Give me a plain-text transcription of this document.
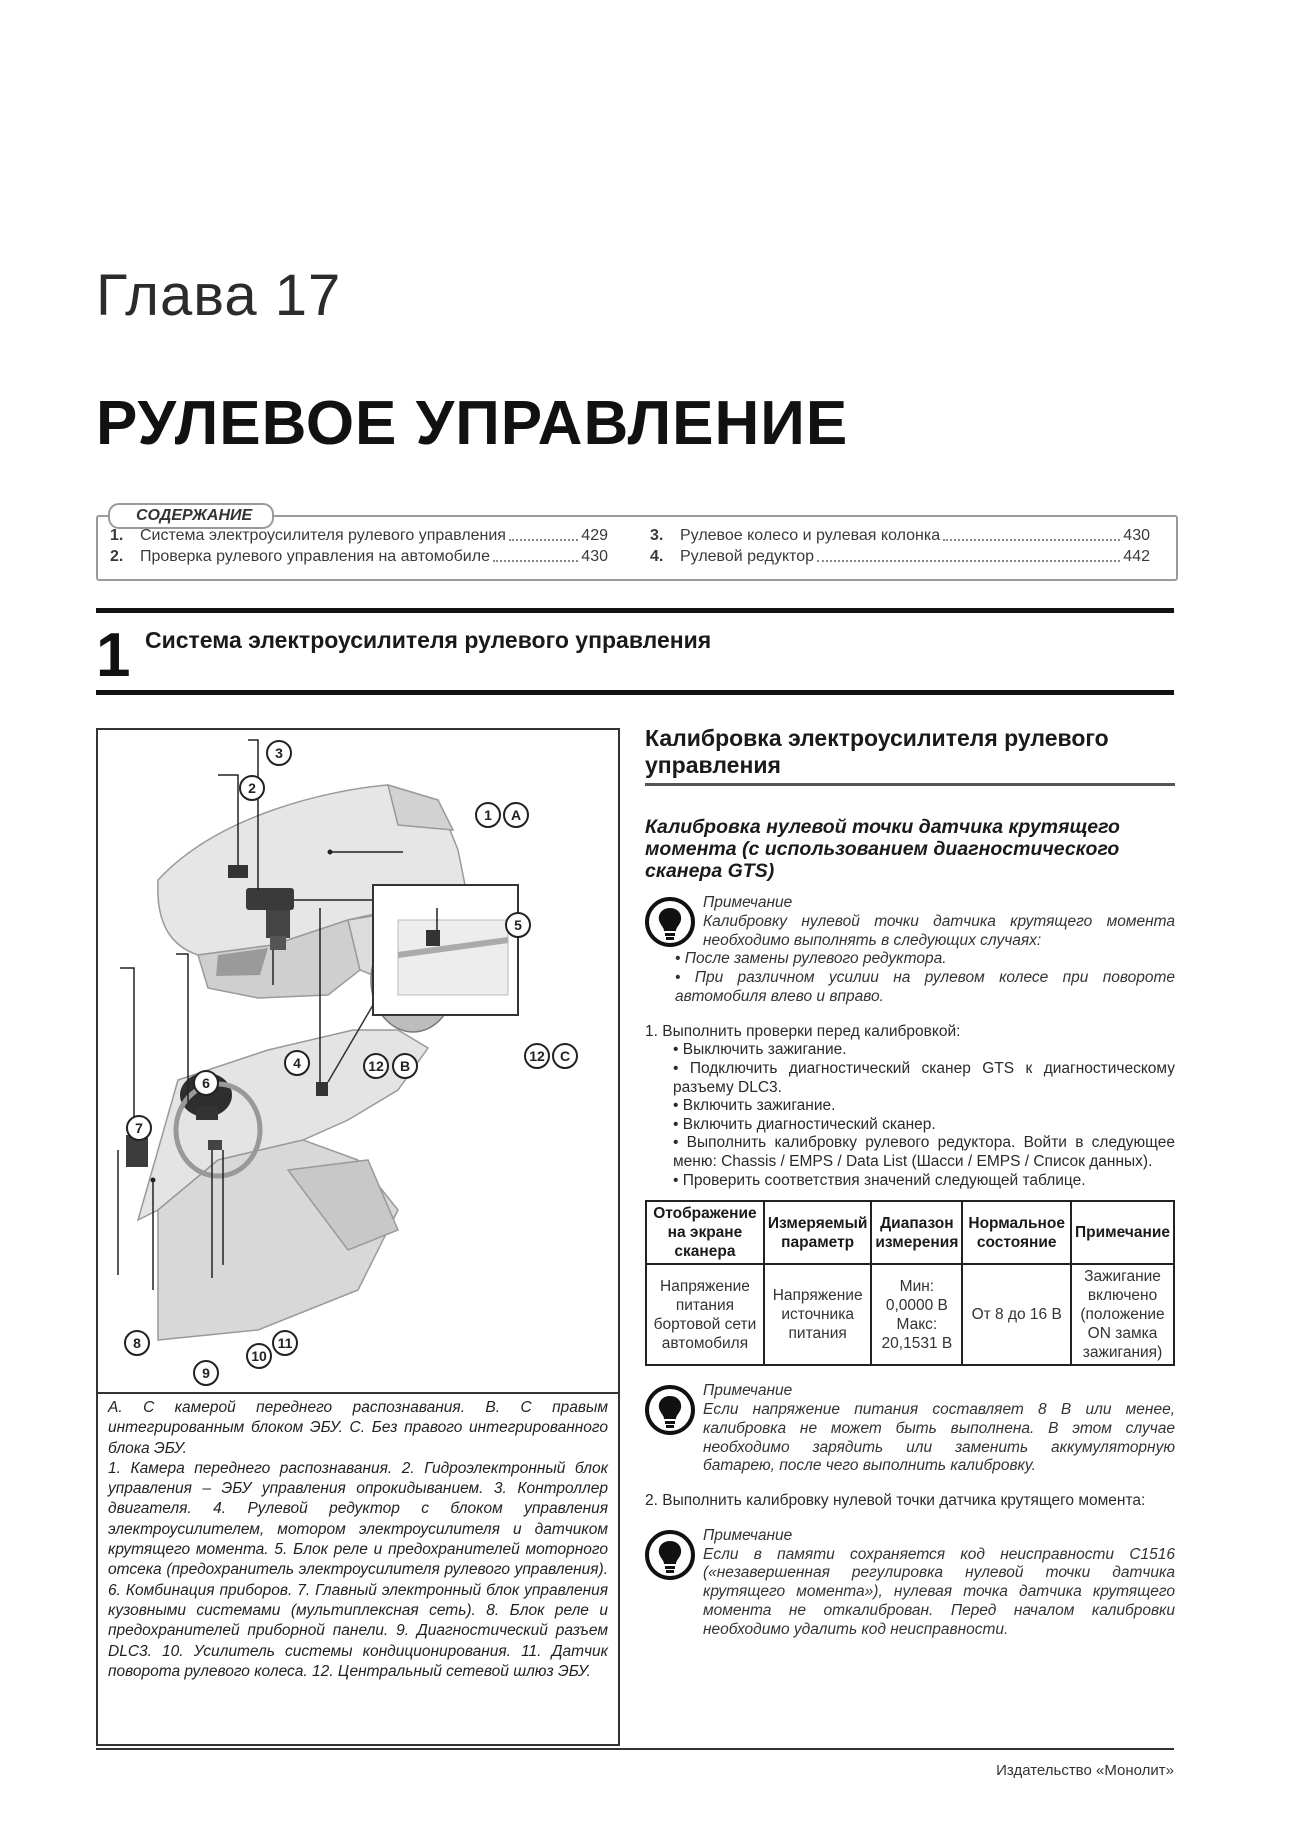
Глава 17
РУЛЕВОЕ УПРАВЛЕНИЕ
СОДЕРЖАНИЕ
1.	Система электроусилителя рулевого управления	429
2.	Проверка рулевого управления на автомобиле	430
3.	Рулевое колесо и рулевая колонка	430
4.	Рулевой редуктор	442
1 Система электроусилителя рулевого управления
3
2
1	A
5
4
6
12	B
12	C
7
8
9
10
11

A. С камерой переднего распознавания. B. С правым интегрированным блоком ЭБУ. C. Без правого интегрированного блока ЭБУ.

1. Камера переднего распознавания. 2. Гидроэлектронный блок управления – ЭБУ управления опрокидыванием. 3. Контроллер двигателя. 4. Рулевой редуктор с блоком управления электроусилителем, мотором электроусилителя и датчиком крутящего момента. 5. Блок реле и предохранителей моторного отсека (предохранитель электроусилителя рулевого управления). 6. Комбинация приборов. 7. Главный электронный блок управления кузовными системами (мультиплексная сеть). 8. Блок реле и предохранителей приборной панели. 9. Диагностический разъем DLC3. 10. Усилитель системы кондиционирования. 11. Датчик поворота рулевого колеса. 12. Центральный сетевой шлюз ЭБУ.

Калибровка электроусилителя рулевого управления
Калибровка нулевой точки датчика крутящего момента (с использованием диагностического сканера GTS)
Примечание
Калибровку нулевой точки датчика крутящего момента необходимо выполнять в следующих случаях:
• После замены рулевого редуктора.
• При различном усилии на рулевом колесе при повороте автомобиля влево и вправо.
1. Выполнить проверки перед калибровкой:
• Выключить зажигание.
• Подключить диагностический сканер GTS к диагностическому разъему DLC3.
• Включить зажигание.
• Включить диагностический сканер.
• Выполнить калибровку рулевого редуктора. Войти в следующее меню: Chassis / EMPS / Data List (Шасси / EMPS / Список данных).
• Проверить соответствия значений следующей таблице.
Отображение на экране сканера	Измеряемый параметр	Диапазон измерения	Нормальное состояние	Примечание
Напряжение питания бортовой сети автомобиля	Напряжение источника питания	Мин: 0,0000 В Макс: 20,1531 В	От 8 до 16 В	Зажигание включено (положение ON замка зажигания)
Примечание
Если напряжение питания составляет 8 В или менее, калибровка не может быть выполнена. В этом случае необходимо зарядить или заменить аккумуляторную батарею, после чего выполнить калибровку.
2. Выполнить калибровку нулевой точки датчика крутящего момента:
Примечание
Если в памяти сохраняется код неисправности C1516 («незавершенная регулировка нулевой точки датчика крутящего момента»), нулевая точка датчика крутящего момента не откалиброван. Перед началом калибровки необходимо удалить код неисправности.
Издательство «Монолит»
